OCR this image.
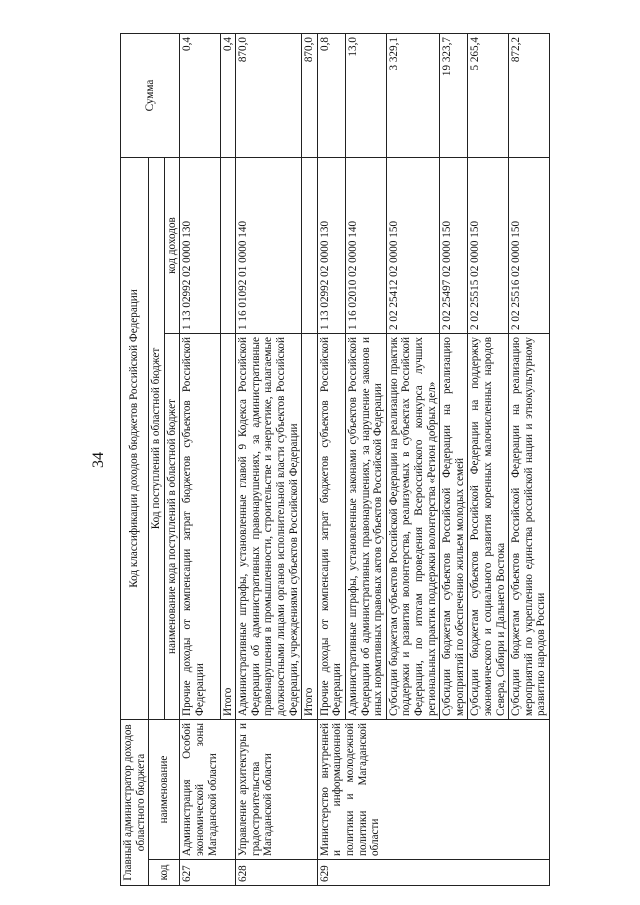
34
Главный администратор доходов областного бюджета		Код классификации доходов бюджетов Российской Федерации		Сумма
код	наименование	Код поступлений в областной бюджет		
		наименование кода поступлений в областной бюджет	код доходов	
627	Администрация Особой экономической зоны Магаданской области	Прочие доходы от компенсации затрат бюджетов субъектов Российской Федерации	1 13 02992 02 0000 130	0,4
		Итого		0,4
628	Управление архитектуры и градостроительства Магаданской области	Административные штрафы, установленные главой 9 Кодекса Российской Федерации об административных правонарушениях, за административные правонарушения в промышленности, строительстве и энергетике, налагаемые должностными лицами органов исполнительной власти субъектов Российской Федерации, учреждениями субъектов Российской Федерации	1 16 01092 01 0000 140	870,0
		Итого		870,0
629	Министерство внутренней и информационной политики и молодежной политики Магаданской области	Прочие доходы от компенсации затрат бюджетов субъектов Российской Федерации	1 13 02992 02 0000 130	0,8
		Административные штрафы, установленные законами субъектов Российской Федерации об административных правонарушениях, за нарушение законов и иных нормативных правовых актов субъектов Российской Федерации	1 16 02010 02 0000 140	13,0
		Субсидии бюджетам субъектов Российской Федерации на реализацию практик поддержки и развития волонтерства, реализуемых в субъектах Российской Федерации, по итогам проведения Всероссийского конкурса лучших региональных практик поддержки волонтерства «Регион добрых дел»	2 02 25412 02 0000 150	3 329,1
		Субсидии бюджетам субъектов Российской Федерации на реализацию мероприятий по обеспечению жильем молодых семей	2 02 25497 02 0000 150	19 323,7
		Субсидии бюджетам субъектов Российской Федерации на поддержку экономического и социального развития коренных малочисленных народов Севера, Сибири и Дальнего Востока	2 02 25515 02 0000 150	5 265,4
		Субсидии бюджетам субъектов Российской Федерации на реализацию мероприятий по укреплению единства российской нации и этнокультурному развитию народов России	2 02 25516 02 0000 150	872,2
